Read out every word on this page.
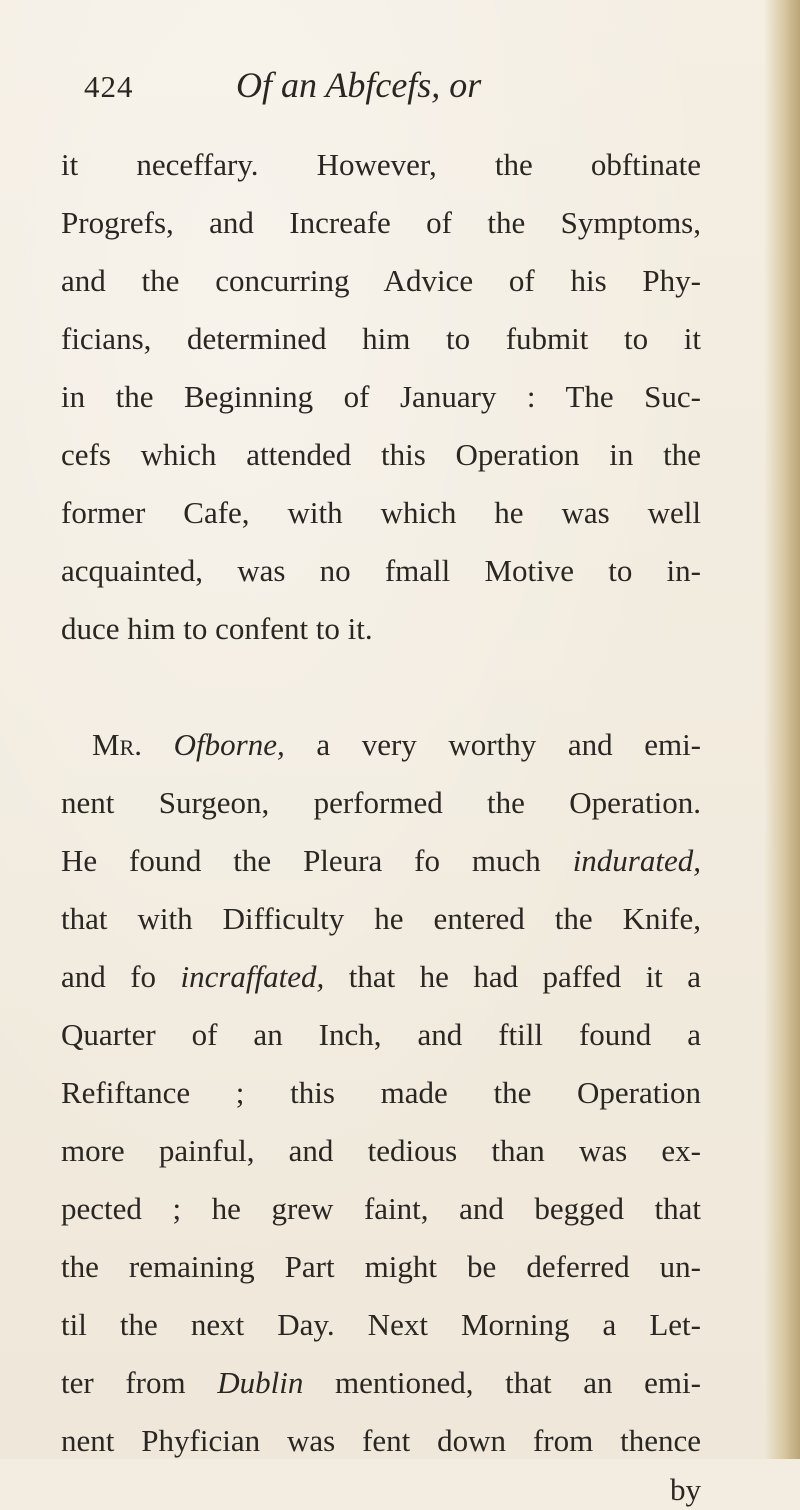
424	Of an Abfcefs, or
it neceffary. However, the obftinate
Progrefs, and Increafe of the Symptoms,
and the concurring Advice of his Phy-
ficians, determined him to fubmit to it
in the Beginning of January : The Suc-
cefs which attended this Operation in the
former Cafe, with which he was well
acquainted, was no fmall Motive to in-
duce him to confent to it.
Mr. Ofborne, a very worthy and emi-
nent Surgeon, performed the Operation.
He found the Pleura fo much indurated,
that with Difficulty he entered the Knife,
and fo incraffated, that he had paffed it a
Quarter of an Inch, and ftill found a
Refiftance ; this made the Operation
more painful, and tedious than was ex-
pected ; he grew faint, and begged that
the remaining Part might be deferred un-
til the next Day. Next Morning a Let-
ter from Dublin mentioned, that an emi-
nent Phyfician was fent down from thence
by
